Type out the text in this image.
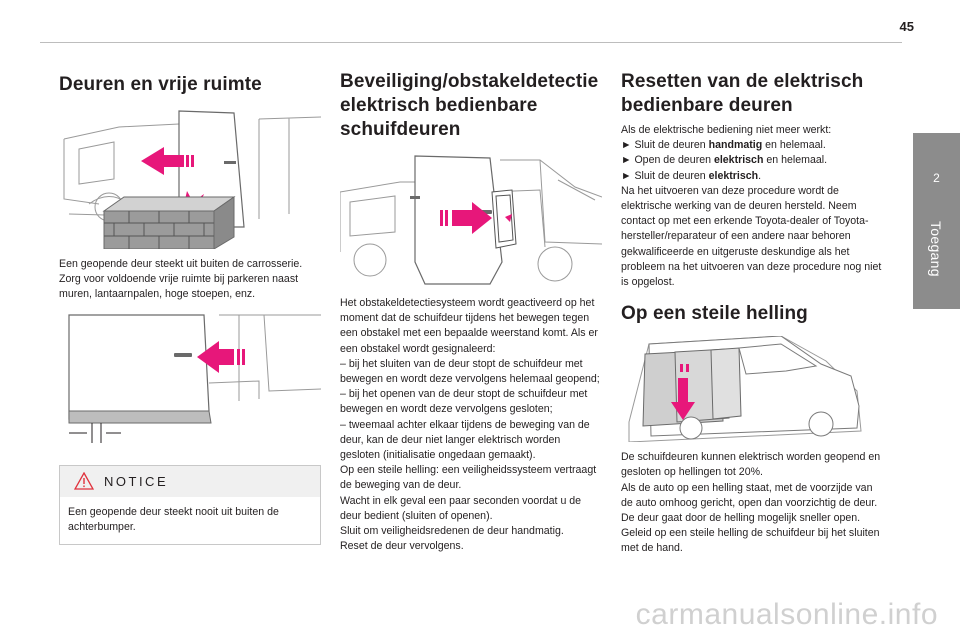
45
2
Toegang
Deuren en vrije ruimte

Een geopende deur steekt uit buiten de carrosserie. Zorg voor voldoende vrije ruimte bij parkeren naast muren, lantaarnpalen, hoge stoepen, enz.

NOTICE
Een geopende deur steekt nooit uit buiten de achterbumper.
Beveiliging/obstakeldetectie elektrisch bedienbare schuifdeuren

Het obstakeldetectiesysteem wordt geactiveerd op het moment dat de schuifdeur tijdens het bewegen tegen een obstakel met een bepaalde weerstand komt. Als er een obstakel wordt gesignaleerd:

– bij het sluiten van de deur stopt de schuifdeur met bewegen en wordt deze vervolgens helemaal geopend;

– bij het openen van de deur stopt de schuifdeur met bewegen en wordt deze vervolgens gesloten;

– tweemaal achter elkaar tijdens de beweging van de deur, kan de deur niet langer elektrisch worden gesloten (initialisatie ongedaan gemaakt).

Op een steile helling: een veiligheidssysteem vertraagt de beweging van de deur.

Wacht in elk geval een paar seconden voordat u de deur bedient (sluiten of openen).

Sluit om veiligheidsredenen de deur handmatig.

Reset de deur vervolgens.

Resetten van de elektrisch bedienbare deuren

Als de elektrische bediening niet meer werkt:

► Sluit de deuren handmatig en helemaal.

► Open de deuren elektrisch en helemaal.

► Sluit de deuren elektrisch.

Na het uitvoeren van deze procedure wordt de elektrische werking van de deuren hersteld. Neem contact op met een erkende Toyota-dealer of Toyota-hersteller/reparateur of een andere naar behoren gekwalificeerde en uitgeruste deskundige als het probleem na het uitvoeren van deze procedure nog niet is opgelost.

Op een steile helling

De schuifdeuren kunnen elektrisch worden geopend en gesloten op hellingen tot 20%.

Als de auto op een helling staat, met de voorzijde van de auto omhoog gericht, open dan voorzichtig de deur. De deur gaat door de helling mogelijk sneller open.

Geleid op een steile helling de schuifdeur bij het sluiten met de hand.

carmanualsonline.info
